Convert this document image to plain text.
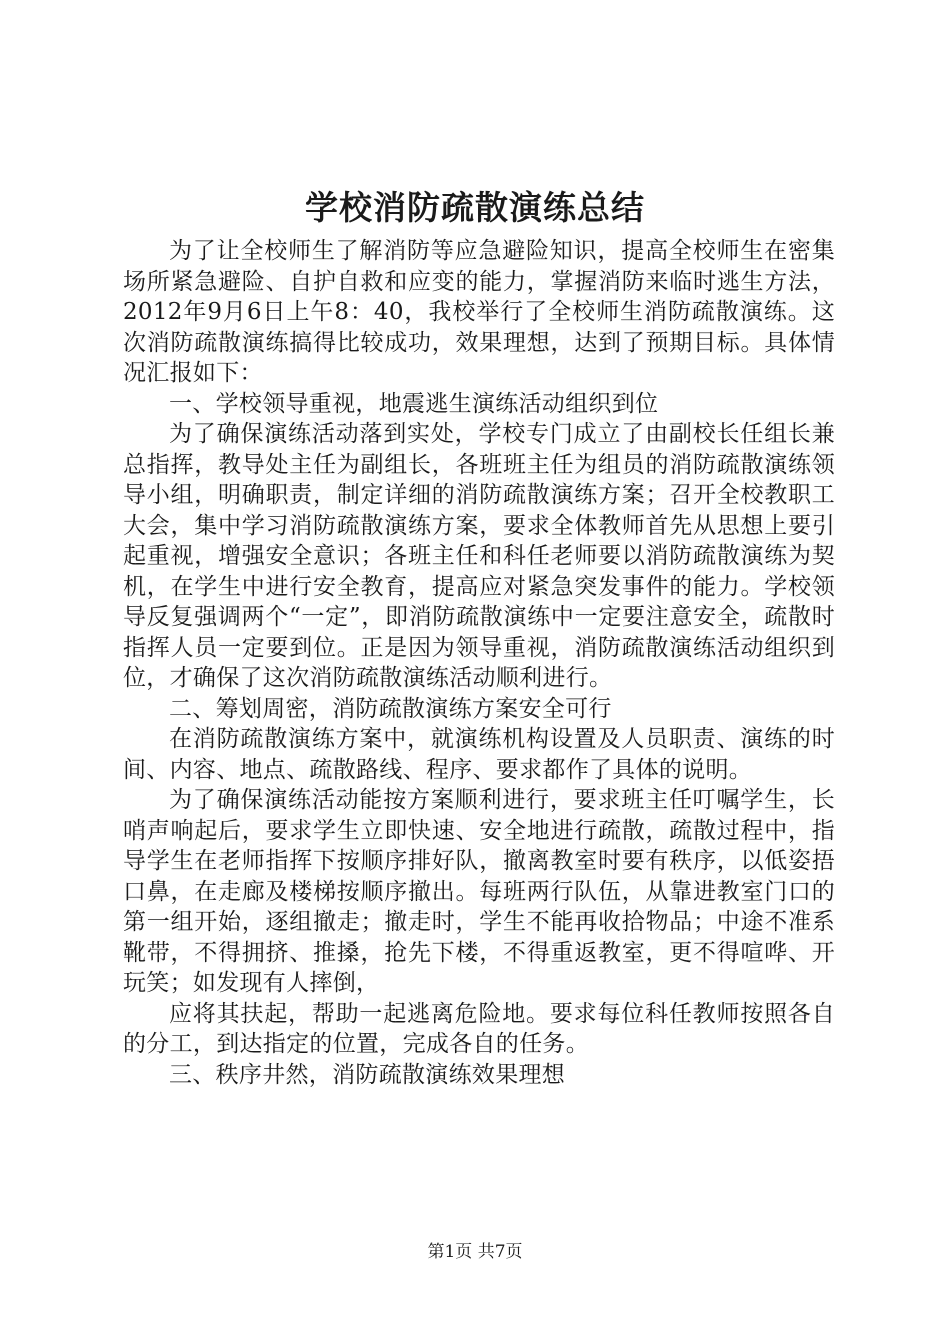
学校消防疏散演练总结

为了让全校师生了解消防等应急避险知识，提高全校师生在密集场所紧急避险、自护自救和应变的能力，掌握消防来临时逃生方法，2012年9月6日上午8：40，我校举行了全校师生消防疏散演练。这次消防疏散演练搞得比较成功，效果理想，达到了预期目标。具体情况汇报如下：

一、学校领导重视，地震逃生演练活动组织到位

为了确保演练活动落到实处，学校专门成立了由副校长任组长兼总指挥，教导处主任为副组长，各班班主任为组员的消防疏散演练领导小组，明确职责，制定详细的消防疏散演练方案；召开全校教职工大会，集中学习消防疏散演练方案，要求全体教师首先从思想上要引起重视，增强安全意识；各班主任和科任老师要以消防疏散演练为契机，在学生中进行安全教育，提高应对紧急突发事件的能力。学校领导反复强调两个“一定”，即消防疏散演练中一定要注意安全，疏散时指挥人员一定要到位。正是因为领导重视，消防疏散演练活动组织到位，才确保了这次消防疏散演练活动顺利进行。

二、筹划周密，消防疏散演练方案安全可行

在消防疏散演练方案中，就演练机构设置及人员职责、演练的时间、内容、地点、疏散路线、程序、要求都作了具体的说明。

为了确保演练活动能按方案顺利进行，要求班主任叮嘱学生，长哨声响起后，要求学生立即快速、安全地进行疏散，疏散过程中，指导学生在老师指挥下按顺序排好队，撤离教室时要有秩序，以低姿捂口鼻，在走廊及楼梯按顺序撤出。每班两行队伍，从靠进教室门口的第一组开始，逐组撤走；撤走时，学生不能再收拾物品；中途不准系靴带，不得拥挤、推搡，抢先下楼，不得重返教室，更不得喧哗、开玩笑；如发现有人摔倒，

应将其扶起，帮助一起逃离危险地。要求每位科任教师按照各自的分工，到达指定的位置，完成各自的任务。

三、秩序井然，消防疏散演练效果理想

第1页 共7页
